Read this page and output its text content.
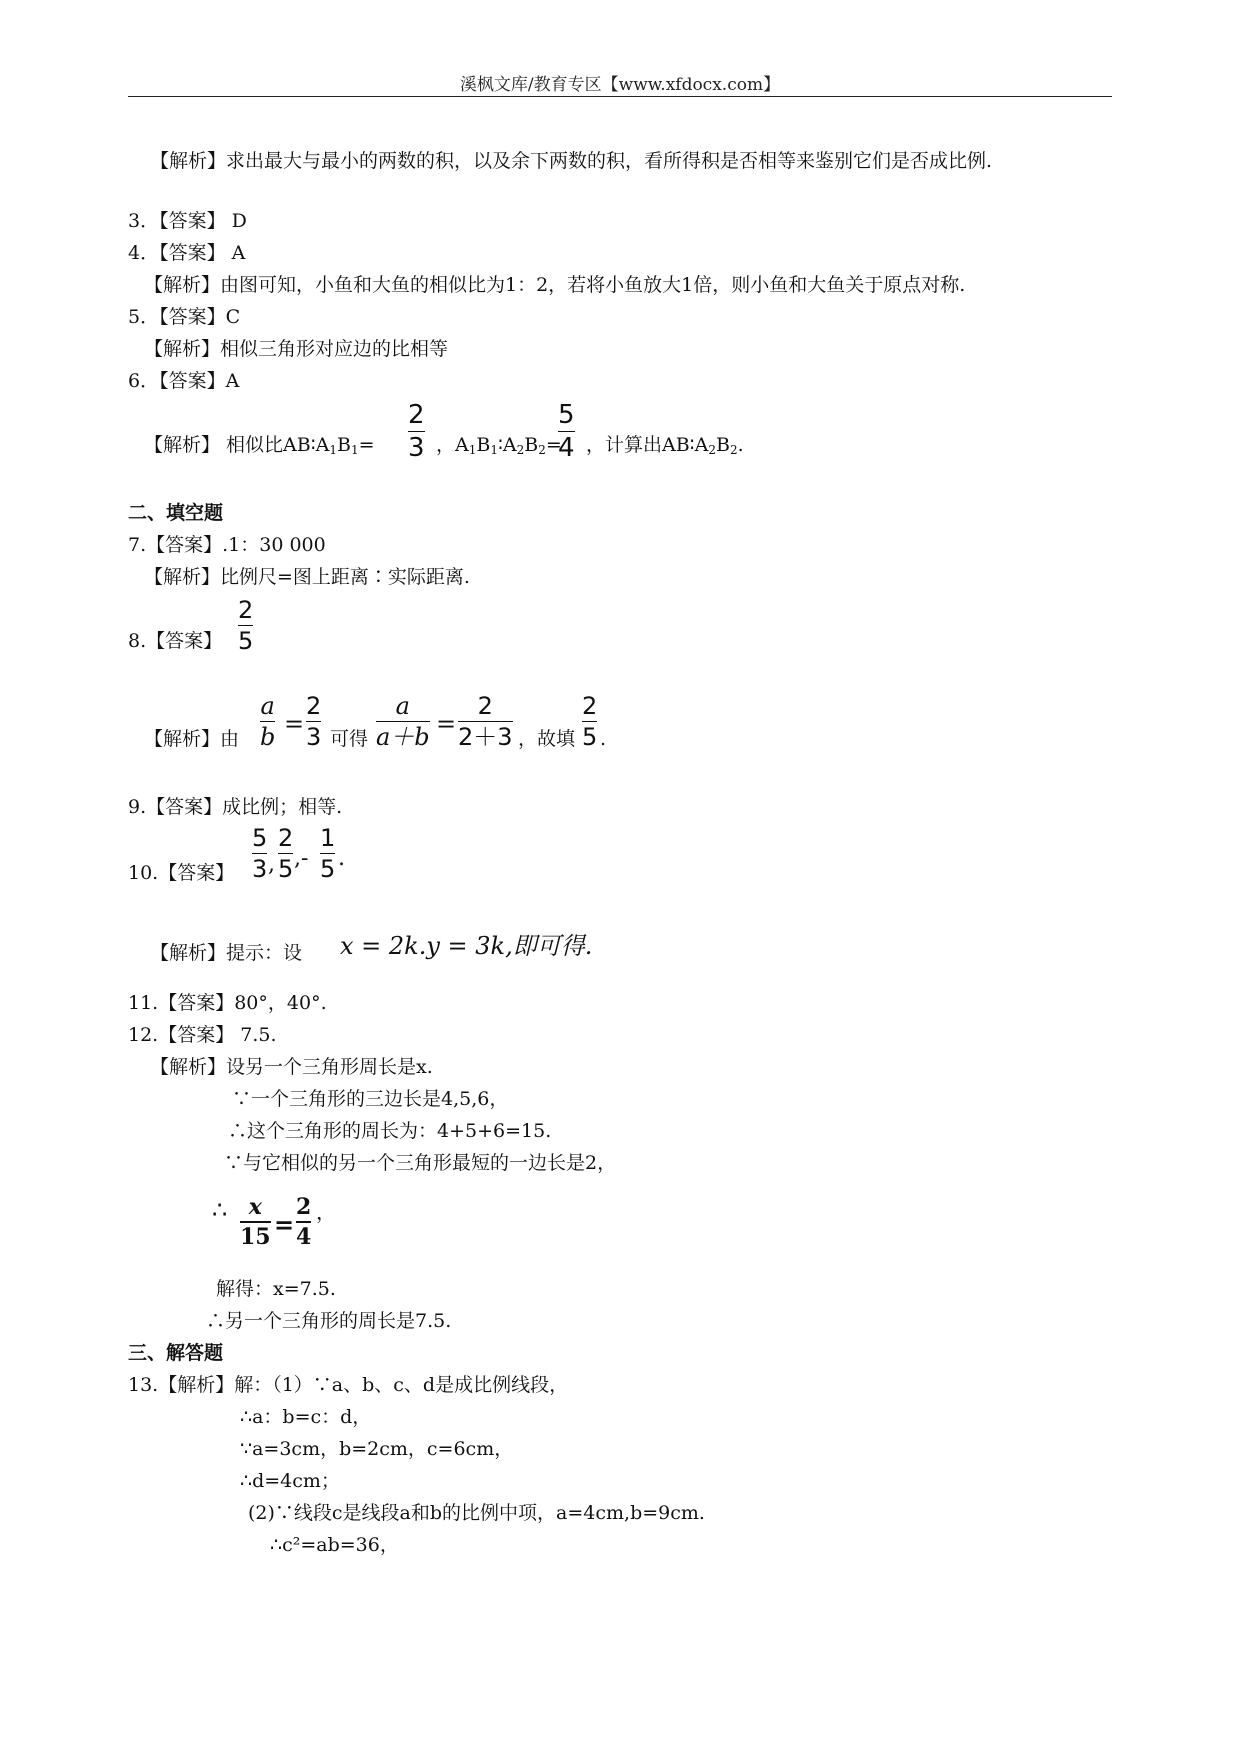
溪枫文库/教育专区【www.xfdocx.com】
【解析】求出最大与最小的两数的积，以及余下两数的积，看所得积是否相等来鉴别它们是否成比例.
3．【答案】 D
4．【答案】 A
【解析】由图可知，小鱼和大鱼的相似比为1：2，若将小鱼放大1倍，则小鱼和大鱼关于原点对称.
5．【答案】C
【解析】相似三角形对应边的比相等
6．【答案】A
【解析】 相似比$AB∶A_1B_1=$
2
3 ，$A_1B_1∶A_2B_2=$
5
4 ，计算出$AB∶A_2B_2$.
二、填空题
7.【答案】.1：30 000
【解析】比例尺=图上距离∶实际距离.
8.【答案】
2
5
【解析】由
a
b =
2
3 可得
a
a＋b =
2
2＋3 ，故填
2
5 .
9.【答案】成比例；相等.
10.【答案】
5
3 ,
2
5 ,-
1
5 .
【解析】提示：设 x = 2k.y = 3k,即可得.
11.【答案】80°，40°.
12.【答案】 7.5.
【解析】设另一个三角形周长是x.
∵一个三角形的三边长是4,5,6，
∴这个三角形的周长为：4+5+6=15.
∵与它相似的另一个三角形最短的一边长是2，
∴ x
15 =
2
4
，
解得：x=7.5.
∴另一个三角形的周长是7.5.
三、解答题
13.【解析】解：（1）∵a、b、c、d是成比例线段，
∴a：b=c：d，
∵a=3cm，b=2cm，c=6cm，
∴d=4cm；
(2)∵线段c是线段a和b的比例中项，a=4cm,b=9cm.
∴c²=ab=36，
